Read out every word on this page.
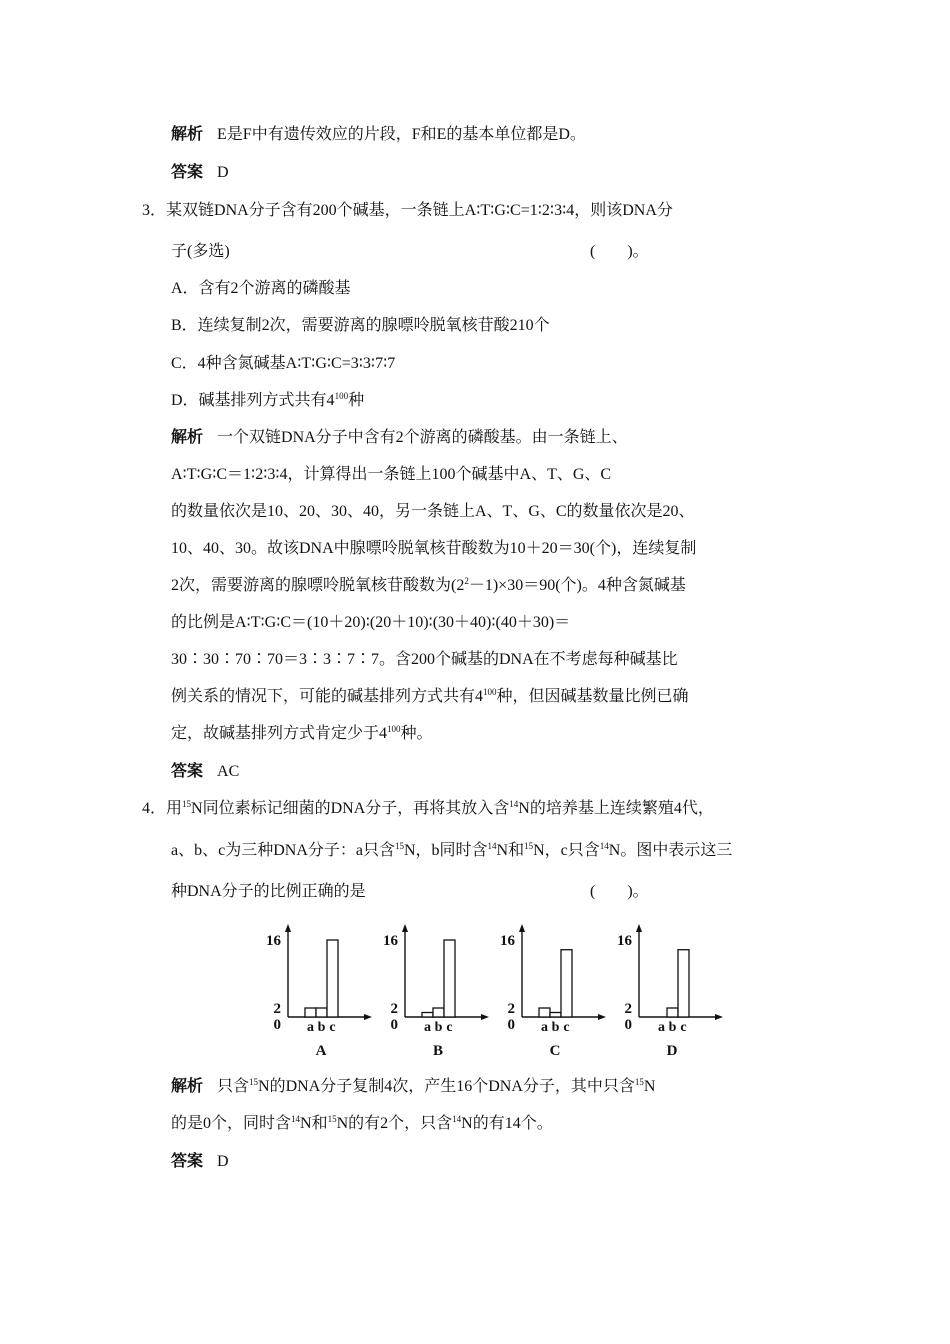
解析 E是F中有遗传效应的片段，F和E的基本单位都是D。
答案 D
3．某双链DNA分子含有200个碱基，一条链上A∶T∶G∶C=1∶2∶3∶4，则该DNA分
子(多选)	(　　)。
A．含有2个游离的磷酸基
B．连续复制2次，需要游离的腺嘌呤脱氧核苷酸210个
C．4种含氮碱基A∶T∶G∶C=3∶3∶7∶7
D．碱基排列方式共有$4^{100}$种
解析 一个双链DNA分子中含有2个游离的磷酸基。由一条链上、
A∶T∶G∶C＝1∶2∶3∶4，计算得出一条链上100个碱基中A、T、G、C
的数量依次是10、20、30、40，另一条链上A、T、G、C的数量依次是20、
10、40、30。故该DNA中腺嘌呤脱氧核苷酸数为10＋20＝30(个)，连续复制
2次，需要游离的腺嘌呤脱氧核苷酸数为$(2^2-1)\times 30=90$(个)。4种含氮碱基
的比例是A∶T∶G∶C＝(10＋20)∶(20＋10)∶(30＋40)∶(40＋30)＝
30∶30∶70∶70＝3∶3∶7∶7。含200个碱基的DNA在不考虑每种碱基比
例关系的情况下，可能的碱基排列方式共有$4^{100}$种，但因碱基数量比例已确
定，故碱基排列方式肯定少于$4^{100}$种。
答案 AC
4．用$^{15}$N同位素标记细菌的DNA分子，再将其放入含$^{14}$N的培养基上连续繁殖4代，
a、b、c为三种DNA分子：a只含$^{15}$N，b同时含$^{14}$N和$^{15}$N，c只含$^{14}$N。图中表示这三
种DNA分子的比例正确的是	(　　)。
0
2
16
a b c
A
0
2
16
a b c
B
0
2
16
a b c
C
0
2
16
a b c
D
解析 只含$^{15}$N的DNA分子复制4次，产生16个DNA分子，其中只含$^{15}$N
的是0个，同时含$^{14}$N和$^{15}$N的有2个，只含$^{14}$N的有14个。
答案 D
